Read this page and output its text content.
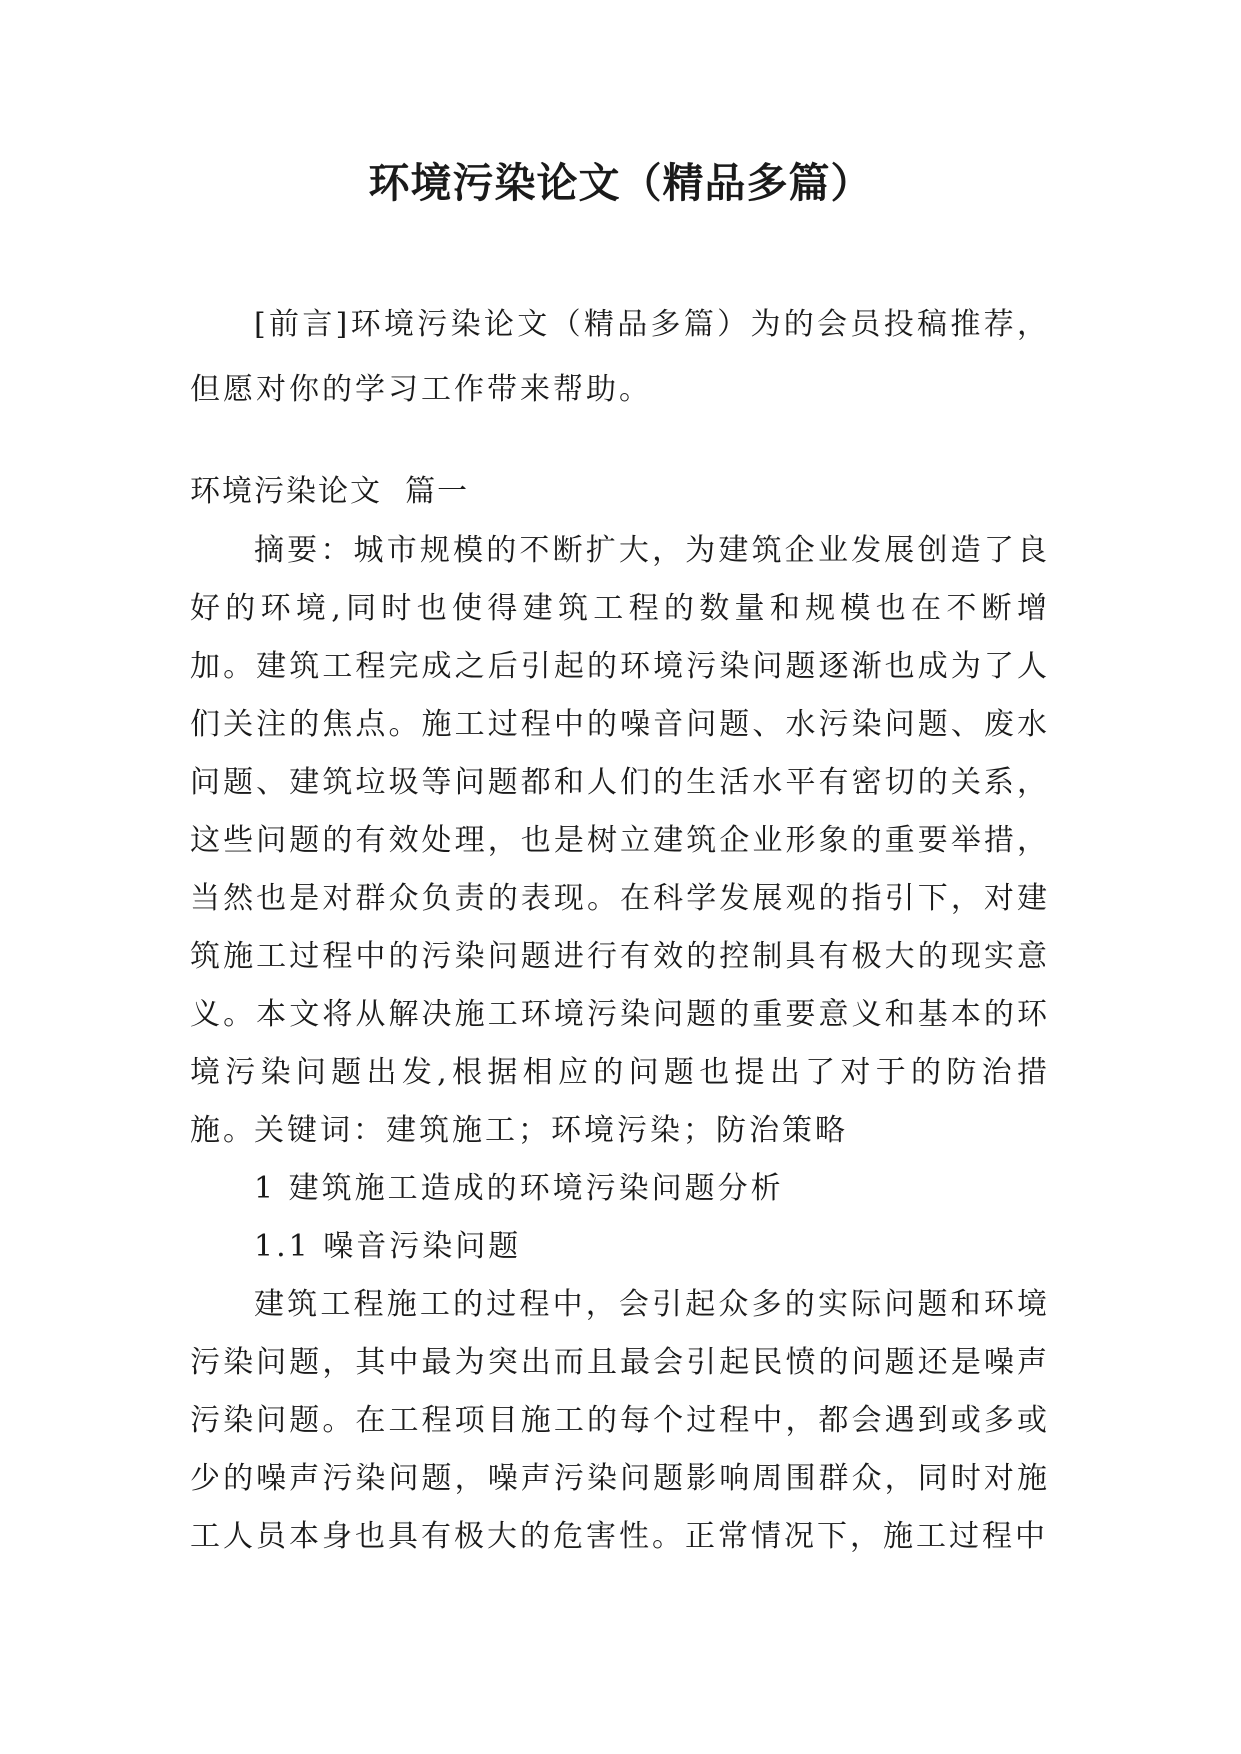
环境污染论文（精品多篇）

[前言]环境污染论文（精品多篇）为的会员投稿推荐，但愿对你的学习工作带来帮助。

环境污染论文  篇一

摘要：城市规模的不断扩大，为建筑企业发展创造了良好的环境,同时也使得建筑工程的数量和规模也在不断增加。建筑工程完成之后引起的环境污染问题逐渐也成为了人们关注的焦点。施工过程中的噪音问题、水污染问题、废水问题、建筑垃圾等问题都和人们的生活水平有密切的关系，这些问题的有效处理，也是树立建筑企业形象的重要举措，当然也是对群众负责的表现。在科学发展观的指引下，对建筑施工过程中的污染问题进行有效的控制具有极大的现实意义。本文将从解决施工环境污染问题的重要意义和基本的环境污染问题出发,根据相应的问题也提出了对于的防治措施。

关键词：建筑施工；环境污染；防治策略

1 建筑施工造成的环境污染问题分析

1.1 噪音污染问题

建筑工程施工的过程中，会引起众多的实际问题和环境污染问题，其中最为突出而且最会引起民愤的问题还是噪声污染问题。在工程项目施工的每个过程中，都会遇到或多或少的噪声污染问题，噪声污染问题影响周围群众，同时对施工人员本身也具有极大的危害性。正常情况下，施工过程中
